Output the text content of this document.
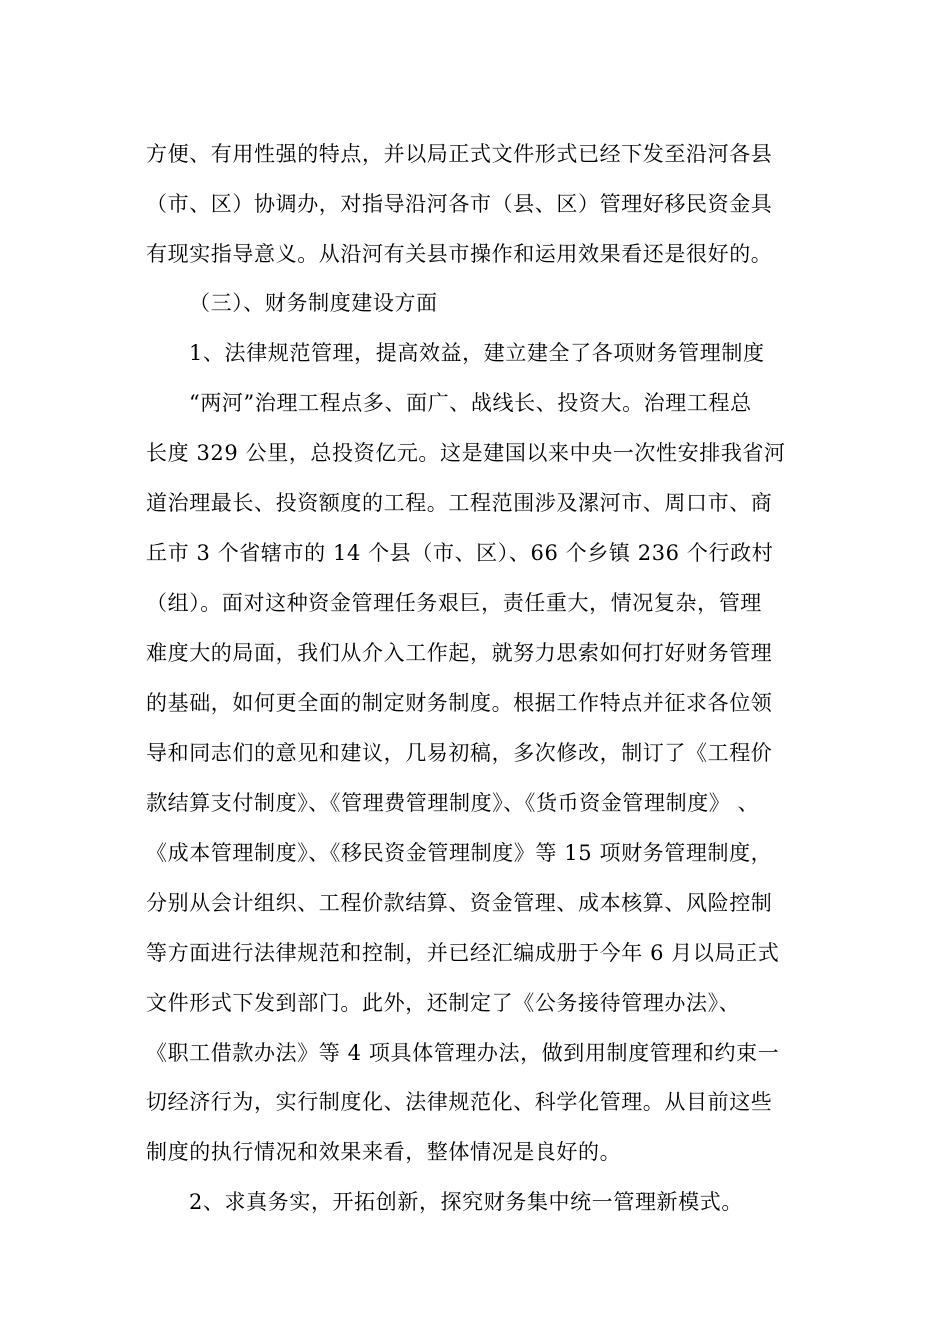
方便、有用性强的特点，并以局正式文件形式已经下发至沿河各县
（市、区）协调办，对指导沿河各市（县、区）管理好移民资金具
有现实指导意义。从沿河有关县市操作和运用效果看还是很好的。
（三）、财务制度建设方面
1、法律规范管理，提高效益，建立建全了各项财务管理制度
“两河”治理工程点多、面广、战线长、投资大。治理工程总
长度 329 公里，总投资亿元。这是建国以来中央一次性安排我省河
道治理最长、投资额度的工程。工程范围涉及漯河市、周口市、商
丘市 3 个省辖市的 14 个县（市、区）、66 个乡镇 236 个行政村
（组）。面对这种资金管理任务艰巨，责任重大，情况复杂，管理
难度大的局面，我们从介入工作起，就努力思索如何打好财务管理
的基础，如何更全面的制定财务制度。根据工作特点并征求各位领
导和同志们的意见和建议，几易初稿，多次修改，制订了《工程价
款结算支付制度》、《管理费管理制度》、《货币资金管理制度》 、
《成本管理制度》、《移民资金管理制度》等 15 项财务管理制度，
分别从会计组织、工程价款结算、资金管理、成本核算、风险控制
等方面进行法律规范和控制，并已经汇编成册于今年 6 月以局正式
文件形式下发到部门。此外，还制定了《公务接待管理办法》、
《职工借款办法》等 4 项具体管理办法，做到用制度管理和约束一
切经济行为，实行制度化、法律规范化、科学化管理。从目前这些
制度的执行情况和效果来看，整体情况是良好的。
2、求真务实，开拓创新，探究财务集中统一管理新模式。
